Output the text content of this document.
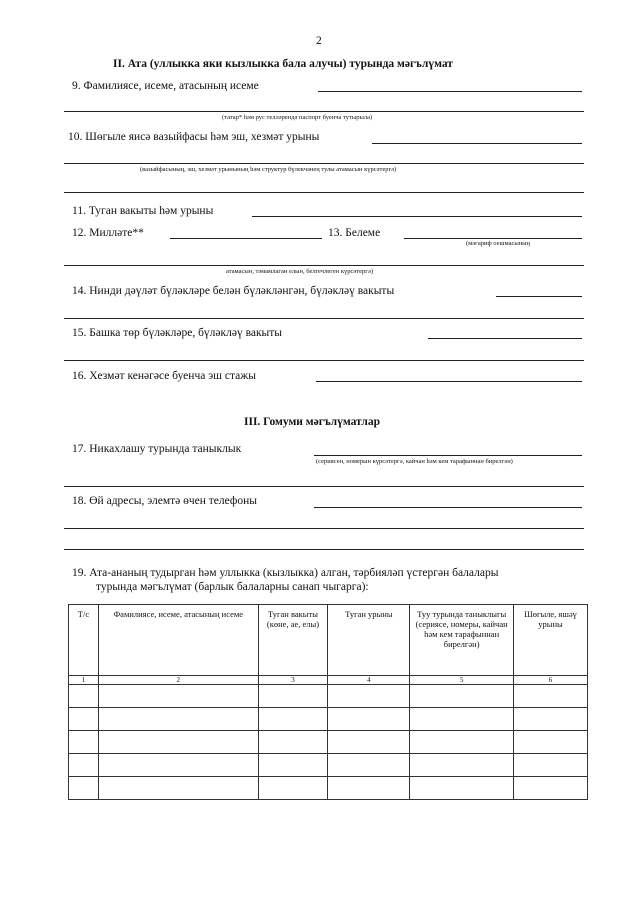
2
II. Ата (уллыкка яки кызлыкка бала алучы) турында мәгълүмат
9. Фамилиясе, исеме, атасының исеме
(татар* һәм рус телләрендә паспорт буенча тутырыла)
10. Шөгыле яисә вазыйфасы һәм эш, хезмәт урыны
(вазыйфасының, эш, хезмәт урынының һәм структур бүлекчәнең тулы атамасын күрсәтергә)
11. Туган вакыты һәм урыны
12. Милләте**	13. Белеме
(мәгариф оешмасының
атамасын, тәмамлаган елын, белгечлеген күрсәтергә)
14. Нинди дәүләт бүләкләре белән бүләкләнгән, бүләкләү вакыты
15. Башка төр бүләкләре, бүләкләү вакыты
16. Хезмәт кенәгәсе буенча эш стажы
III. Гомуми мәгълүматлар
17. Никахлашу турында таныклык
(сериясен, номерын күрсәтергә, кайчан һәм кем тарафыннан бирелгән)
18. Өй адресы, элемтә өчен телефоны
19. Ата-ананың тудырган һәм уллыкка (кызлыкка) алган, тәрбияләп үстергән балалары
турында мәгълүмат (барлык балаларны санап чыгарга):
Т/с	Фамилиясе, исеме, атасының исеме	Туган вакыты (көне, ае, елы)	Туган урыны	Туу турында таныклыгы (сериясе, номеры, кайчан һәм кем тарафыннан бирелгән)	Шөгыле, яшәү урыны
1	2	3	4	5	6
